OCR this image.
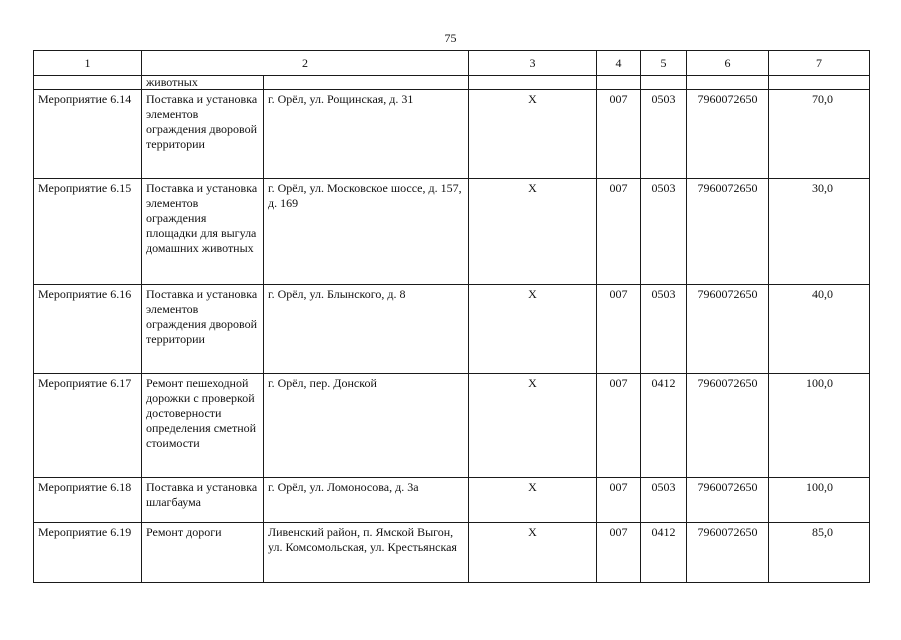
75
1	2		3	4	5	6	7
	животных						
Мероприятие 6.14	Поставка и установка элементов ограждения дворовой территории	г. Орёл, ул. Рощинская, д. 31	Х	007	0503	7960072650	70,0
Мероприятие 6.15	Поставка и установка элементов ограждения площадки для выгула домашних животных	г. Орёл, ул. Московское шоссе, д. 157, д. 169	Х	007	0503	7960072650	30,0
Мероприятие 6.16	Поставка и установка элементов ограждения дворовой территории	г. Орёл, ул. Блынского, д. 8	Х	007	0503	7960072650	40,0
Мероприятие 6.17	Ремонт пешеходной дорожки с проверкой достоверности определения сметной стоимости	г. Орёл, пер. Донской	Х	007	0412	7960072650	100,0
Мероприятие 6.18	Поставка и установка шлагбаума	г. Орёл, ул. Ломоносова, д. 3а	Х	007	0503	7960072650	100,0
Мероприятие 6.19	Ремонт дороги	Ливенский район, п. Ямской Выгон, ул. Комсомольская, ул. Крестьянская	Х	007	0412	7960072650	85,0
